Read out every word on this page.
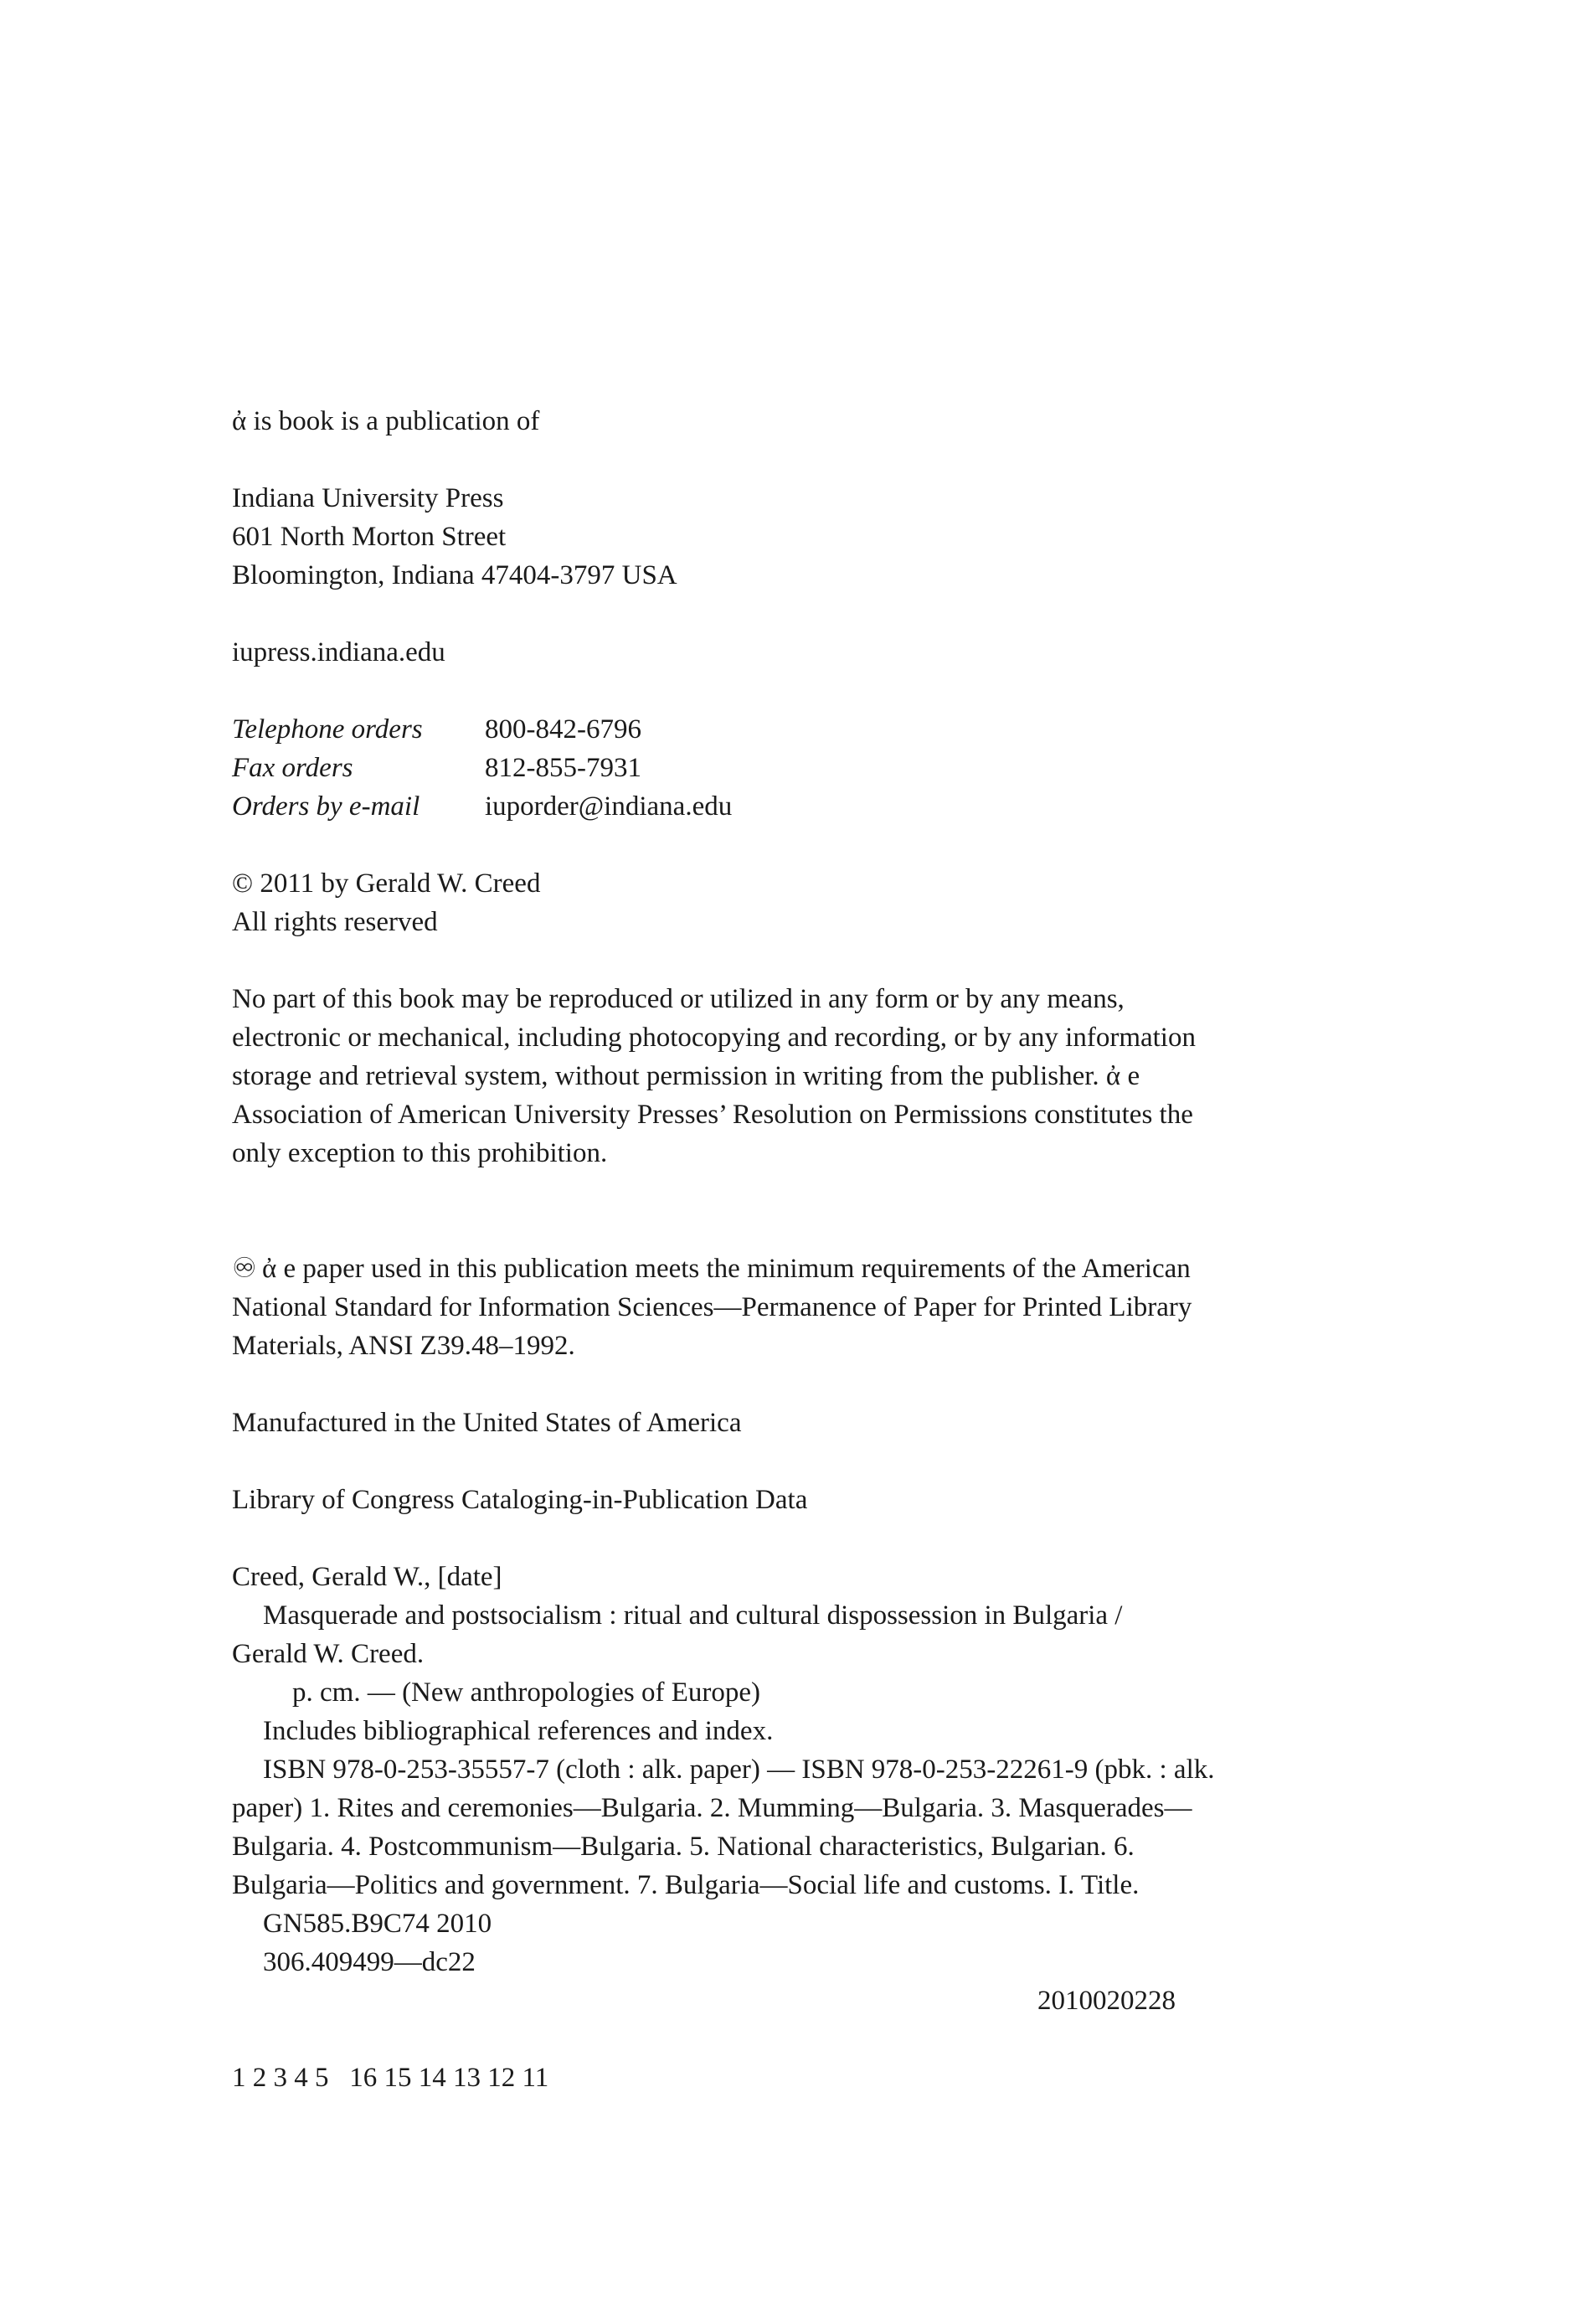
ἀ is book is a publication of

Indiana University Press
601 North Morton Street
Bloomington, Indiana 47404-3797 USA
iupress.indiana.edu
Telephone orders	800-842-6796
Fax orders	812-855-7931
Orders by e-mail	iuporder@indiana.edu
© 2011 by Gerald W. Creed
All rights reserved
No part of this book may be reproduced or utilized in any form or by any means,
electronic or mechanical, including photocopying and recording, or by any information
storage and retrieval system, without permission in writing from the publisher. ἀ e
Association of American University Presses’ Resolution on Permissions constitutes the
only exception to this prohibition.
♾ ἀ e paper used in this publication meets the minimum requirements of the American
National Standard for Information Sciences—Permanence of Paper for Printed Library
Materials, ANSI Z39.48–1992.
Manufactured in the United States of America
Library of Congress Cataloging-in-Publication Data
Creed, Gerald W., [date]
Masquerade and postsocialism : ritual and cultural dispossession in Bulgaria /
Gerald W. Creed.
p. cm. — (New anthropologies of Europe)
Includes bibliographical references and index.
ISBN 978-0-253-35557-7 (cloth : alk. paper) — ISBN 978-0-253-22261-9 (pbk. : alk.
paper) 1. Rites and ceremonies—Bulgaria. 2. Mumming—Bulgaria. 3. Masquerades—
Bulgaria. 4. Postcommunism—Bulgaria. 5. National characteristics, Bulgarian. 6.
Bulgaria—Politics and government. 7. Bulgaria—Social life and customs. I. Title.
GN585.B9C74 2010
306.409499—dc22
2010020228
1 2 3 4 5   16 15 14 13 12 11
